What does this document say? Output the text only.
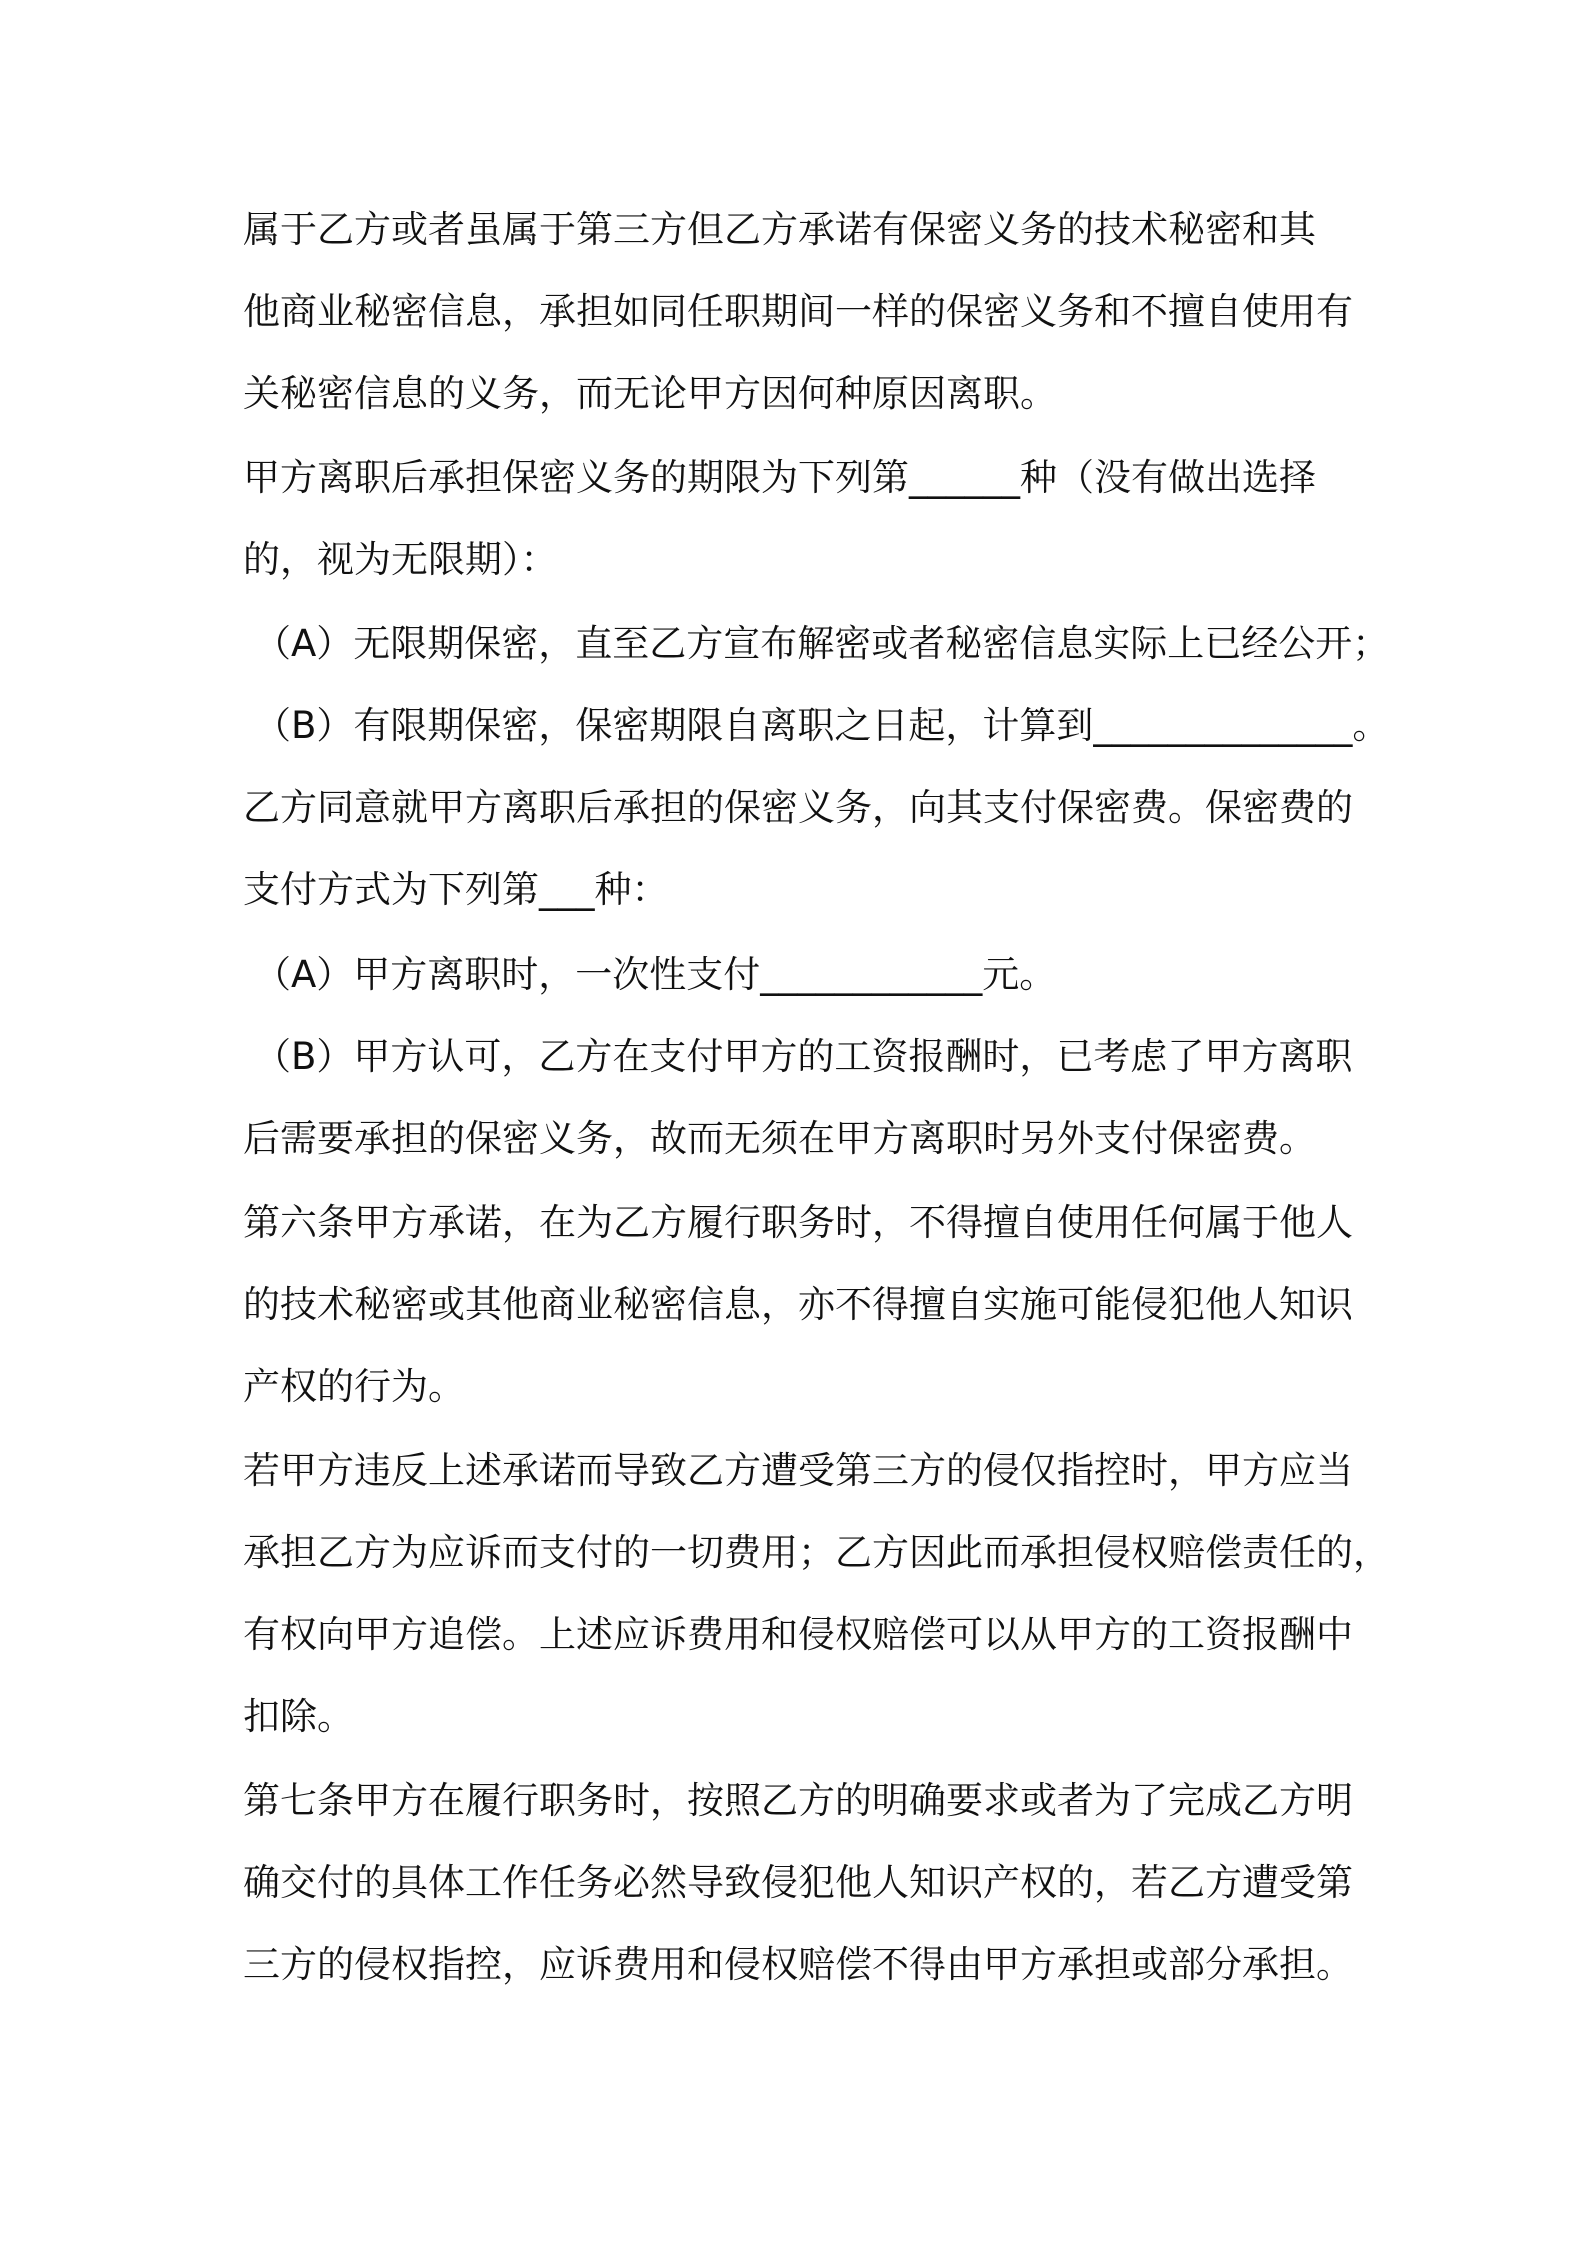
属于乙方或者虽属于第三方但乙方承诺有保密义务的技术秘密和其
他商业秘密信息，承担如同任职期间一样的保密义务和不擅自使用有
关秘密信息的义务，而无论甲方因何种原因离职。
甲方离职后承担保密义务的期限为下列第______种（没有做出选择
的，视为无限期）：
（A）无限期保密，直至乙方宣布解密或者秘密信息实际上已经公开；
（B）有限期保密，保密期限自离职之日起，计算到______________。
乙方同意就甲方离职后承担的保密义务，向其支付保密费。保密费的
支付方式为下列第___种：
（A）甲方离职时，一次性支付____________元。
（B）甲方认可，乙方在支付甲方的工资报酬时，已考虑了甲方离职
后需要承担的保密义务，故而无须在甲方离职时另外支付保密费。
第六条甲方承诺，在为乙方履行职务时，不得擅自使用任何属于他人
的技术秘密或其他商业秘密信息，亦不得擅自实施可能侵犯他人知识
产权的行为。
若甲方违反上述承诺而导致乙方遭受第三方的侵仅指控时，甲方应当
承担乙方为应诉而支付的一切费用；乙方因此而承担侵权赔偿责任的，
有权向甲方追偿。上述应诉费用和侵权赔偿可以从甲方的工资报酬中
扣除。
第七条甲方在履行职务时，按照乙方的明确要求或者为了完成乙方明
确交付的具体工作任务必然导致侵犯他人知识产权的，若乙方遭受第
三方的侵权指控，应诉费用和侵权赔偿不得由甲方承担或部分承担。
